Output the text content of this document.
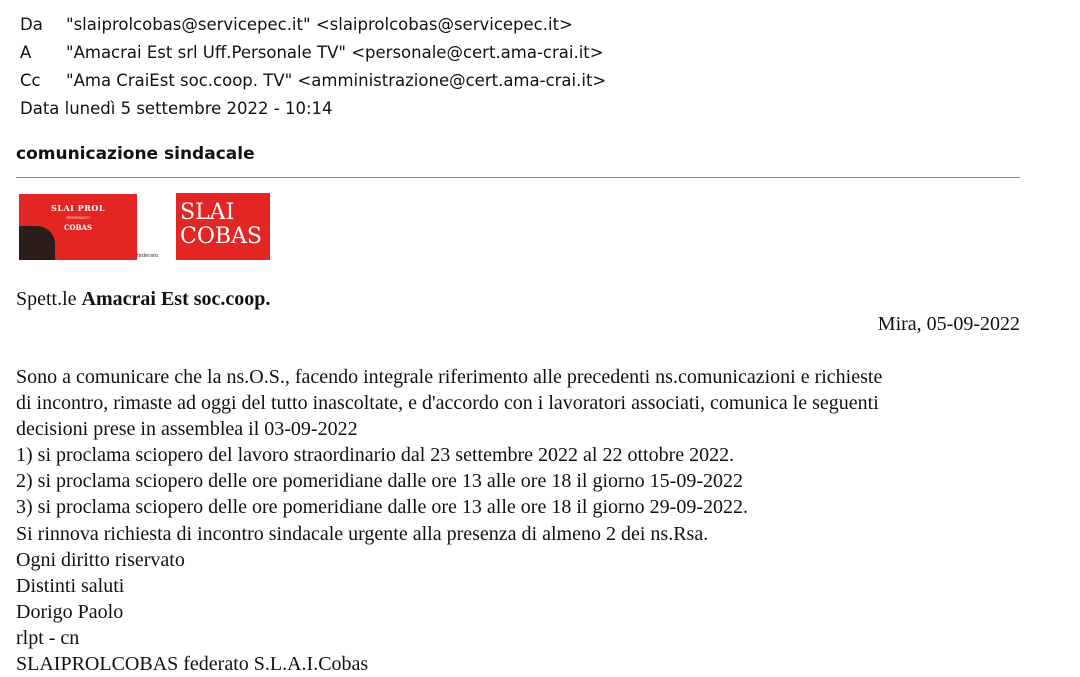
Da "slaiprolcobas@servicepec.it" <slaiprolcobas@servicepec.it>
A "Amacrai Est srl Uff.Personale TV" <personale@cert.ama-crai.it>
Cc "Ama CraiEst soc.coop. TV" <amministrazione@cert.ama-crai.it>
Data lunedì 5 settembre 2022 - 10:14
comunicazione sindacale
SLAI PROL
FEDERATO
COBAS
federato
SLAI
COBAS
Spett.le Amacrai Est soc.coop.
Mira, 05-09-2022
Sono a comunicare che la ns.O.S., facendo integrale riferimento alle precedenti ns.comunicazioni e richieste
di incontro, rimaste ad oggi del tutto inascoltate, e d'accordo con i lavoratori associati, comunica le seguenti
decisioni prese in assemblea il 03-09-2022
1) si proclama sciopero del lavoro straordinario dal 23 settembre 2022 al 22 ottobre 2022.
2) si proclama sciopero delle ore pomeridiane dalle ore 13 alle ore 18 il giorno 15-09-2022
3) si proclama sciopero delle ore pomeridiane dalle ore 13 alle ore 18 il giorno 29-09-2022.
Si rinnova richiesta di incontro sindacale urgente alla presenza di almeno 2 dei ns.Rsa.
Ogni diritto riservato
Distinti saluti
Dorigo Paolo
rlpt - cn
SLAIPROLCOBAS federato S.L.A.I.Cobas
